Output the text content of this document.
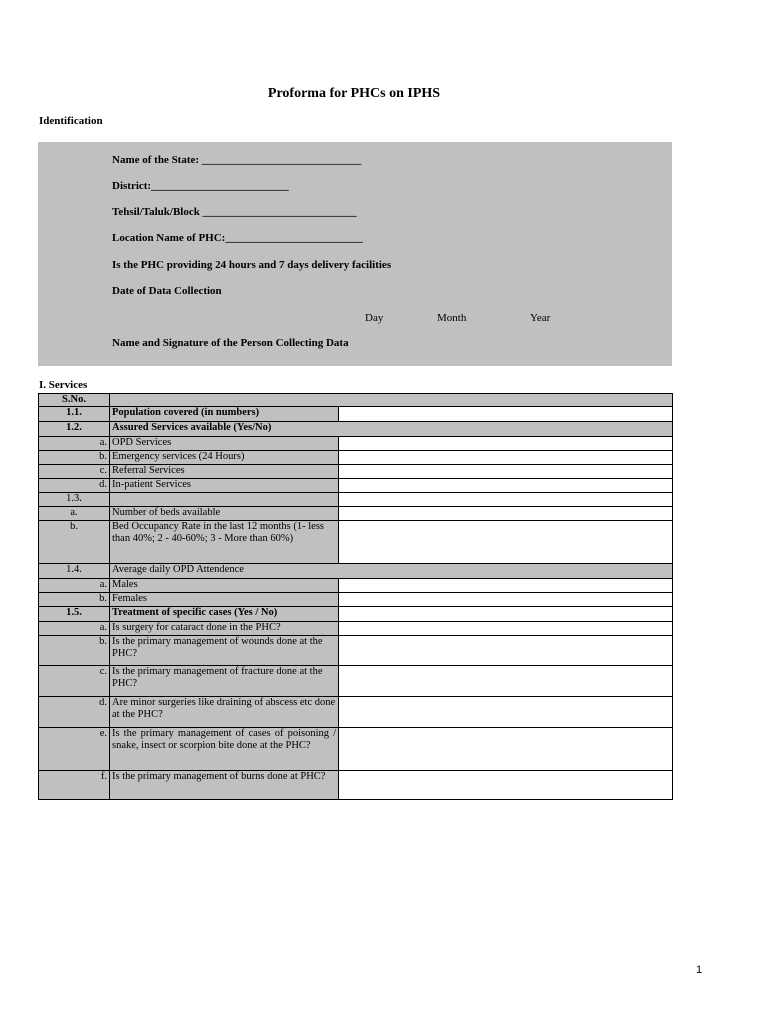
Proforma for PHCs on IPHS
Identification
Name of the State: _____________________________
District:_________________________
Tehsil/Taluk/Block ____________________________
Location Name of PHC:_________________________
Is the PHC providing 24 hours and 7 days delivery facilities
Date of Data Collection
Day	Month	Year
Name and Signature of the Person Collecting Data
I. Services
S.No.		
1.1.	Population covered (in numbers)	
1.2.	Assured Services available (Yes/No)	
a.	OPD Services	
b.	Emergency services (24 Hours)	
c.	Referral Services	
d.	In-patient Services	
1.3.		
a.	Number of beds available	
b.	Bed Occupancy Rate in the last 12 months (1- less than 40%; 2 - 40-60%; 3 - More than 60%)	
1.4.	Average daily OPD Attendence	
a.	Males	
b.	Females	
1.5.	Treatment of specific cases (Yes / No)	
a.	Is surgery for cataract done in the PHC?	
b.	Is the primary management of wounds done at the PHC?	
c.	Is the primary management of fracture done at the PHC?	
d.	Are minor surgeries like draining of abscess etc done at the PHC?	
e.	Is the primary management of cases of poisoning / snake, insect or scorpion bite done at the PHC?	
f.	Is the primary management of burns done at PHC?	
1
